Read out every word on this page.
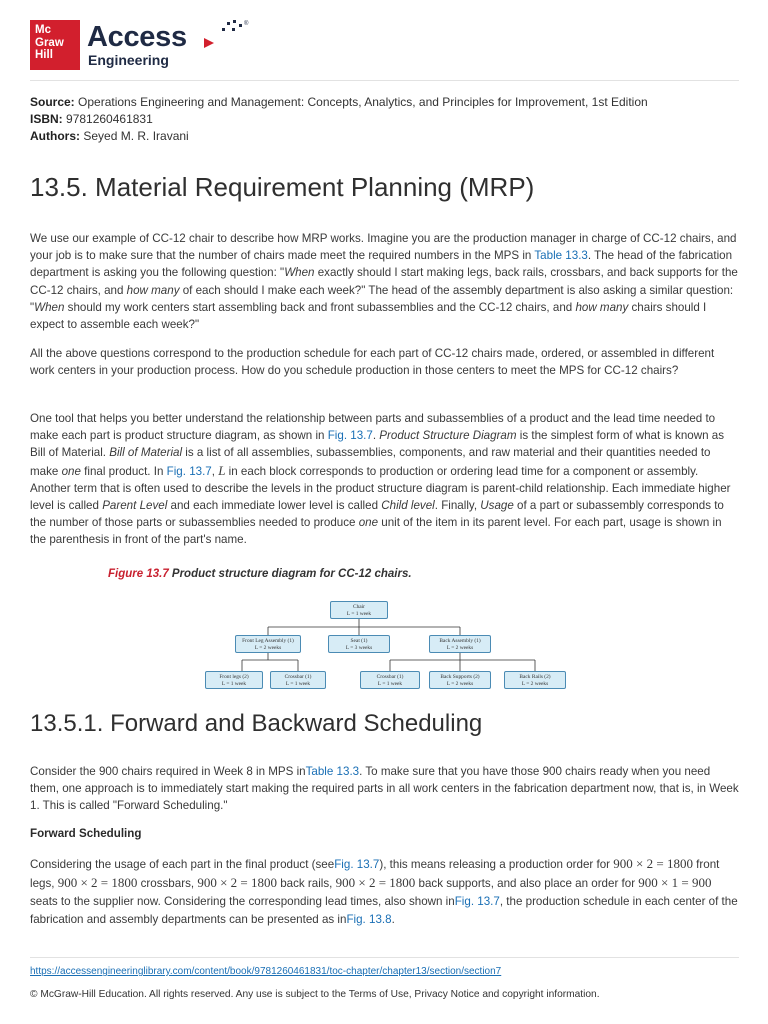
Mc
Graw
Hill
Access
Engineering
®
Source: Operations Engineering and Management: Concepts, Analytics, and Principles for Improvement, 1st Edition
ISBN: 9781260461831
Authors: Seyed M. R. Iravani
13.5. Material Requirement Planning (MRP)

We use our example of CC-12 chair to describe how MRP works. Imagine you are the production manager in charge of CC-12 chairs, and your job is to make sure that the number of chairs made meet the required numbers in the MPS in Table 13.3. The head of the fabrication department is asking you the following question: "When exactly should I start making legs, back rails, crossbars, and back supports for the CC-12 chairs, and how many of each should I make each week?" The head of the assembly department is also asking a similar question: "When should my work centers start assembling back and front subassemblies and the CC-12 chairs, and how many chairs should I expect to assemble each week?"

All the above questions correspond to the production schedule for each part of CC-12 chairs made, ordered, or assembled in different work centers in your production process. How do you schedule production in those centers to meet the MPS for CC-12 chairs?

One tool that helps you better understand the relationship between parts and subassemblies of a product and the lead time needed to make each part is product structure diagram, as shown in Fig. 13.7. Product Structure Diagram is the simplest form of what is known as Bill of Material. Bill of Material is a list of all assemblies, subassemblies, components, and raw material and their quantities needed to make one final product. In Fig. 13.7, L in each block corresponds to production or ordering lead time for a component or assembly. Another term that is often used to describe the levels in the product structure diagram is parent-child relationship. Each immediate higher level is called Parent Level and each immediate lower level is called Child level. Finally, Usage of a part or subassembly corresponds to the number of those parts or subassemblies needed to produce one unit of the item in its parent level. For each part, usage is shown in the parenthesis in front of the part's name.

Figure 13.7 Product structure diagram for CC-12 chairs.
Chair
L = 1 week
Front Leg Assembly (1)
L = 2 weeks
Seat (1)
L = 3 weeks
Back Assembly (1)
L = 2 weeks
Front legs (2)
L = 1 week
Crossbar (1)
L = 1 week
Crossbar (1)
L = 1 week
Back Supports (2)
L = 2 weeks
Back Rails (2)
L = 2 weeks
13.5.1. Forward and Backward Scheduling

Consider the 900 chairs required in Week 8 in MPS inTable 13.3. To make sure that you have those 900 chairs ready when you need them, one approach is to immediately start making the required parts in all work centers in the fabrication department now, that is, in Week 1. This is called "Forward Scheduling."

Forward Scheduling

Considering the usage of each part in the final product (seeFig. 13.7), this means releasing a production order for 900 × 2 = 1800 front legs, 900 × 2 = 1800 crossbars, 900 × 2 = 1800 back rails, 900 × 2 = 1800 back supports, and also place an order for 900 × 1 = 900 seats to the supplier now. Considering the corresponding lead times, also shown inFig. 13.7, the production schedule in each center of the fabrication and assembly departments can be presented as inFig. 13.8.

https://accessengineeringlibrary.com/content/book/9781260461831/toc-chapter/chapter13/section/section7
© McGraw-Hill Education. All rights reserved. Any use is subject to the Terms of Use, Privacy Notice and copyright information.
